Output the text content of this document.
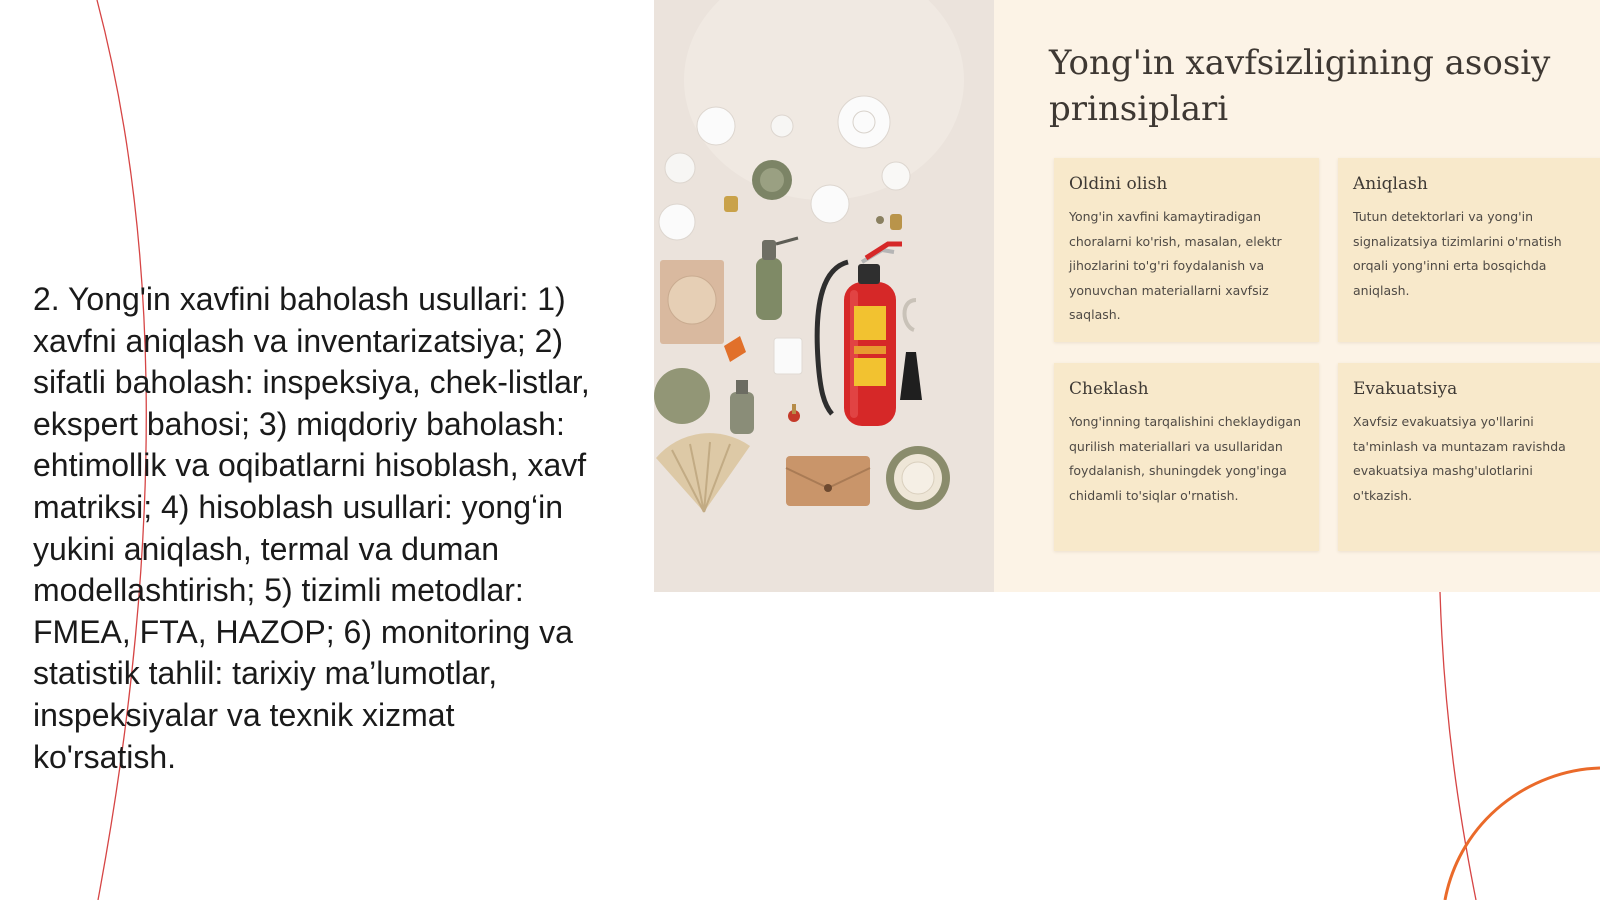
2. Yong'in xavfini baholash usullari: 1) xavfni aniqlash va inventarizatsiya; 2) sifatli baholash: inspeksiya, chek-listlar, ekspert bahosi; 3) miqdoriy baholash: ehtimollik va oqibatlarni hisoblash, xavf matriksi; 4) hisoblash usullari: yong‘in yukini aniqlash, termal va duman modellashtirish; 5) tizimli metodlar: FMEA, FTA, HAZOP; 6) monitoring va statistik tahlil: tarixiy ma’lumotlar, inspeksiyalar va texnik xizmat ko'rsatish.

Yong'in xavfsizligining asosiy prinsiplari
Oldini olish

Yong'in xavfini kamaytiradigan choralarni ko'rish, masalan, elektr jihozlarini to'g'ri foydalanish va yonuvchan materiallarni xavfsiz saqlash.

Aniqlash

Tutun detektorlari va yong'in signalizatsiya tizimlarini o'rnatish orqali yong'inni erta bosqichda aniqlash.

Cheklash

Yong'inning tarqalishini cheklaydigan qurilish materiallari va usullaridan foydalanish, shuningdek yong'inga chidamli to'siqlar o'rnatish.

Evakuatsiya

Xavfsiz evakuatsiya yo'llarini ta'minlash va muntazam ravishda evakuatsiya mashg'ulotlarini o'tkazish.
